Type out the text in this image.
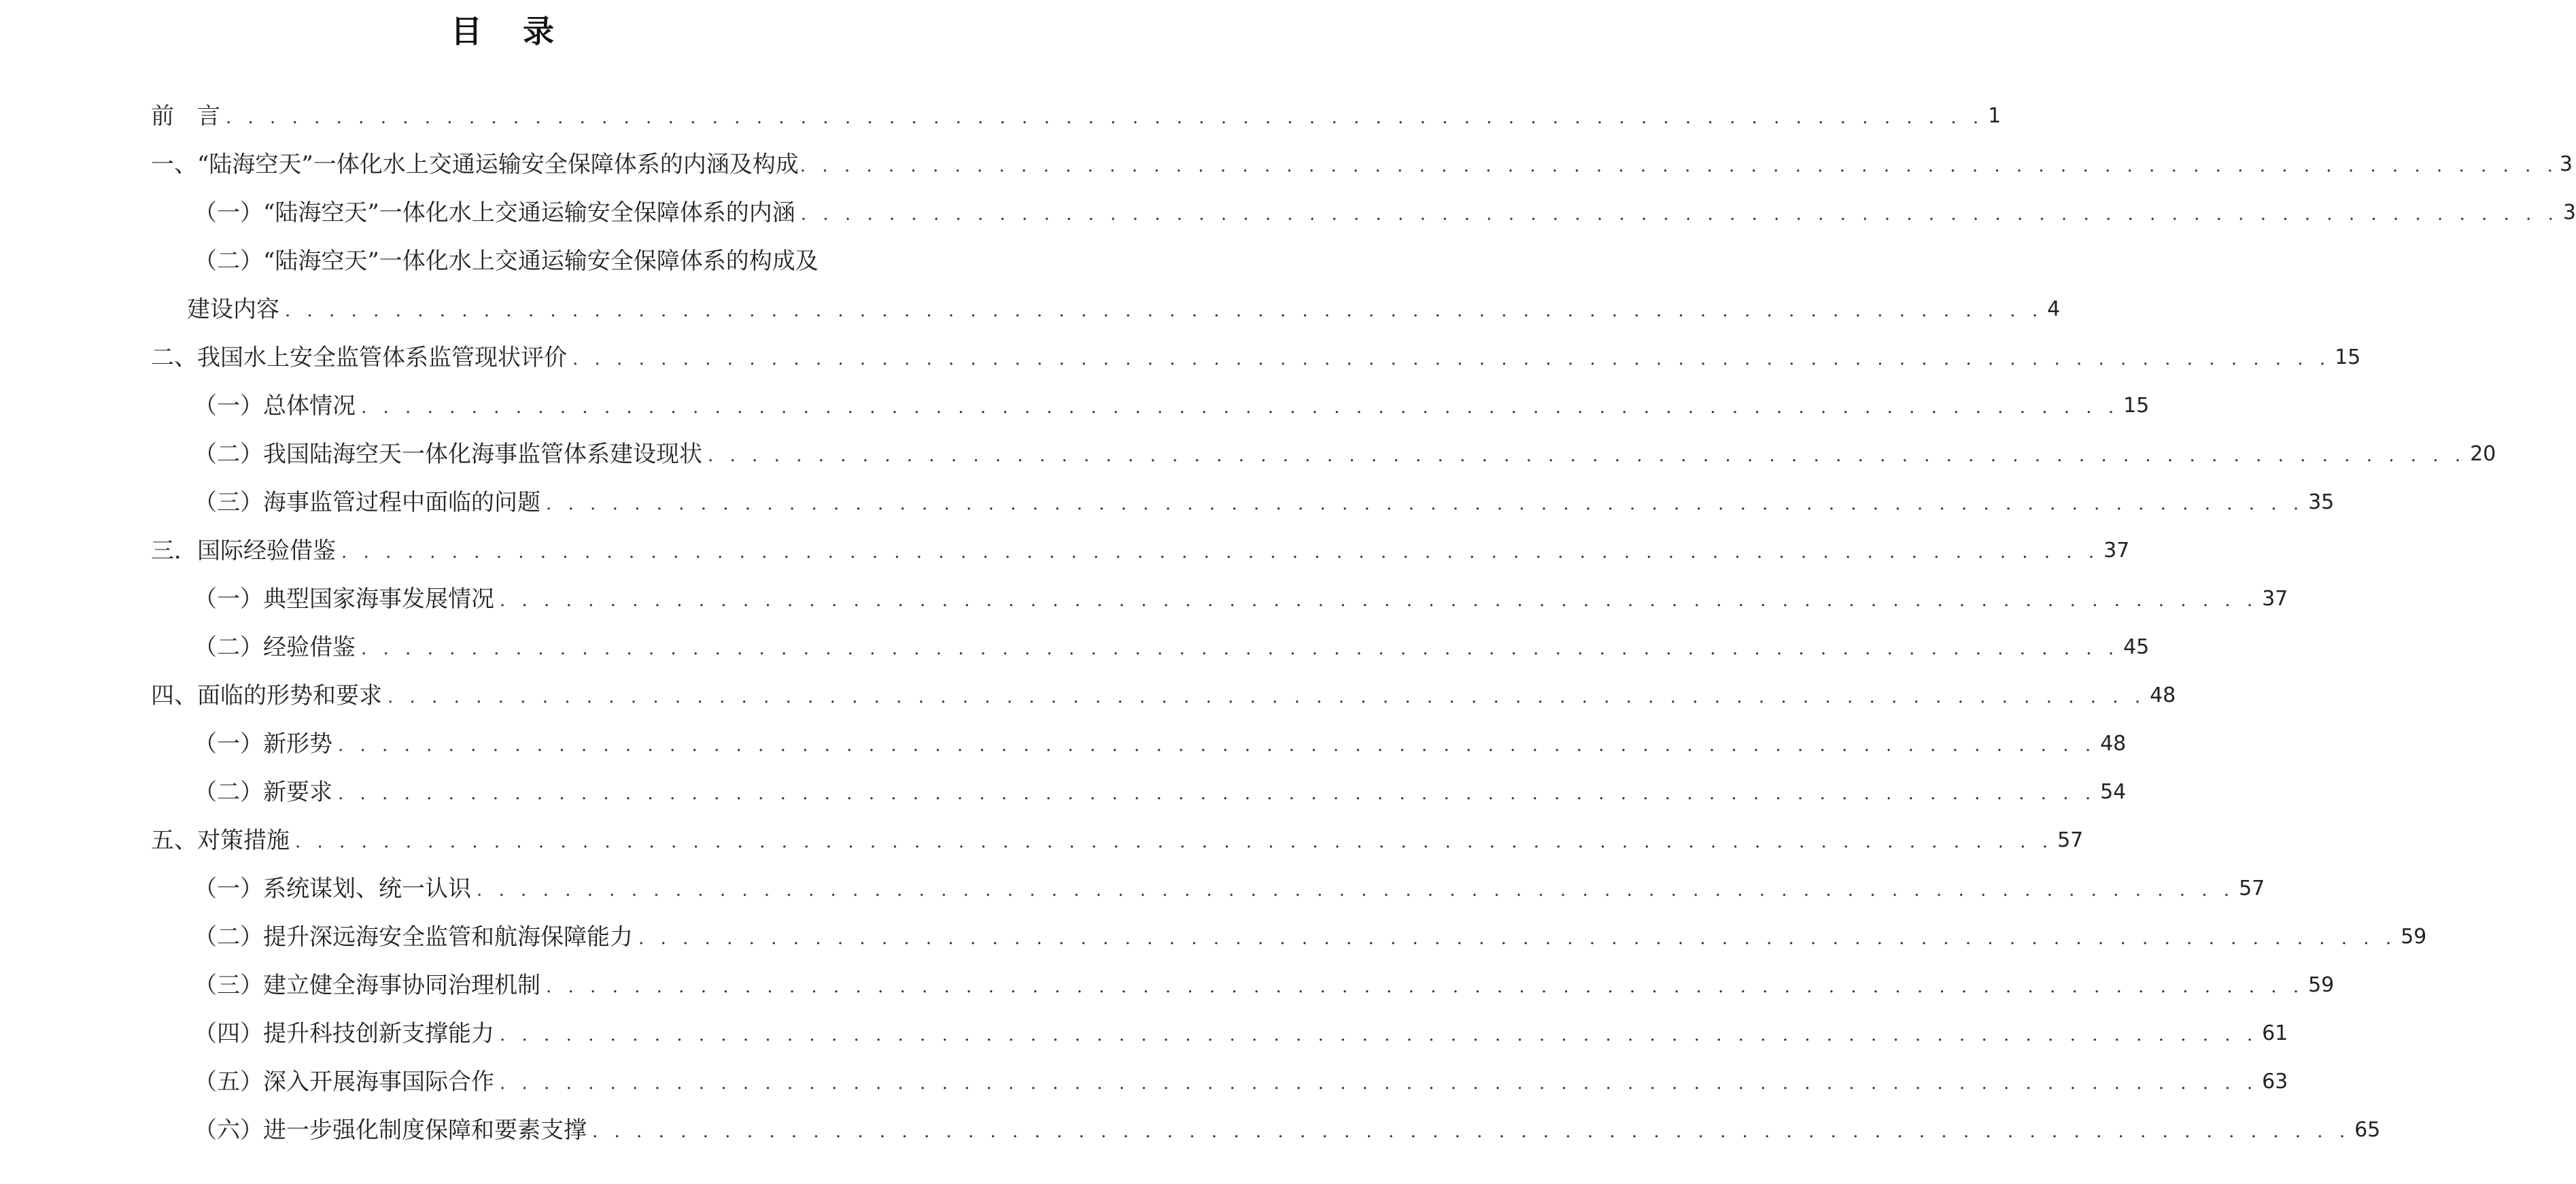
目 录
前　言 . . . . . . . . . . . . . . . . . . . . . . . . . . . . . . . . . . . . . . . . . . . . . . . . . . . . . . . . . . . . . . . . . . . . . . . . . . . . . . . . 1
一、“陆海空天”一体化水上交通运输安全保障体系的内涵及构成 . . . . . . . . . . . . . . . . . . . . . . . . . . . . . . . . . . . . . . . . . . . . . . . . . . . . . . . . . . . . . . . . . . . . . . . . . . . . . . . . 3
（一）“陆海空天”一体化水上交通运输安全保障体系的内涵 . . . . . . . . . . . . . . . . . . . . . . . . . . . . . . . . . . . . . . . . . . . . . . . . . . . . . . . . . . . . . . . . . . . . . . . . . . . . . . . . 3
（二）“陆海空天”一体化水上交通运输安全保障体系的构成及
建设内容 . . . . . . . . . . . . . . . . . . . . . . . . . . . . . . . . . . . . . . . . . . . . . . . . . . . . . . . . . . . . . . . . . . . . . . . . . . . . . . . . 4
二、我国水上安全监管体系监管现状评价 . . . . . . . . . . . . . . . . . . . . . . . . . . . . . . . . . . . . . . . . . . . . . . . . . . . . . . . . . . . . . . . . . . . . . . . . . . . . . . . . 15
（一）总体情况 . . . . . . . . . . . . . . . . . . . . . . . . . . . . . . . . . . . . . . . . . . . . . . . . . . . . . . . . . . . . . . . . . . . . . . . . . . . . . . . . 15
（二）我国陆海空天一体化海事监管体系建设现状 . . . . . . . . . . . . . . . . . . . . . . . . . . . . . . . . . . . . . . . . . . . . . . . . . . . . . . . . . . . . . . . . . . . . . . . . . . . . . . . . 20
（三）海事监管过程中面临的问题 . . . . . . . . . . . . . . . . . . . . . . . . . . . . . . . . . . . . . . . . . . . . . . . . . . . . . . . . . . . . . . . . . . . . . . . . . . . . . . . . 35
三．国际经验借鉴 . . . . . . . . . . . . . . . . . . . . . . . . . . . . . . . . . . . . . . . . . . . . . . . . . . . . . . . . . . . . . . . . . . . . . . . . . . . . . . . . 37
（一）典型国家海事发展情况 . . . . . . . . . . . . . . . . . . . . . . . . . . . . . . . . . . . . . . . . . . . . . . . . . . . . . . . . . . . . . . . . . . . . . . . . . . . . . . . . 37
（二）经验借鉴 . . . . . . . . . . . . . . . . . . . . . . . . . . . . . . . . . . . . . . . . . . . . . . . . . . . . . . . . . . . . . . . . . . . . . . . . . . . . . . . . 45
四、面临的形势和要求 . . . . . . . . . . . . . . . . . . . . . . . . . . . . . . . . . . . . . . . . . . . . . . . . . . . . . . . . . . . . . . . . . . . . . . . . . . . . . . . . 48
（一）新形势 . . . . . . . . . . . . . . . . . . . . . . . . . . . . . . . . . . . . . . . . . . . . . . . . . . . . . . . . . . . . . . . . . . . . . . . . . . . . . . . . 48
（二）新要求 . . . . . . . . . . . . . . . . . . . . . . . . . . . . . . . . . . . . . . . . . . . . . . . . . . . . . . . . . . . . . . . . . . . . . . . . . . . . . . . . 54
五、对策措施 . . . . . . . . . . . . . . . . . . . . . . . . . . . . . . . . . . . . . . . . . . . . . . . . . . . . . . . . . . . . . . . . . . . . . . . . . . . . . . . . 57
（一）系统谋划、统一认识 . . . . . . . . . . . . . . . . . . . . . . . . . . . . . . . . . . . . . . . . . . . . . . . . . . . . . . . . . . . . . . . . . . . . . . . . . . . . . . . . 57
（二）提升深远海安全监管和航海保障能力 . . . . . . . . . . . . . . . . . . . . . . . . . . . . . . . . . . . . . . . . . . . . . . . . . . . . . . . . . . . . . . . . . . . . . . . . . . . . . . . . 59
（三）建立健全海事协同治理机制 . . . . . . . . . . . . . . . . . . . . . . . . . . . . . . . . . . . . . . . . . . . . . . . . . . . . . . . . . . . . . . . . . . . . . . . . . . . . . . . . 59
（四）提升科技创新支撑能力 . . . . . . . . . . . . . . . . . . . . . . . . . . . . . . . . . . . . . . . . . . . . . . . . . . . . . . . . . . . . . . . . . . . . . . . . . . . . . . . . 61
（五）深入开展海事国际合作 . . . . . . . . . . . . . . . . . . . . . . . . . . . . . . . . . . . . . . . . . . . . . . . . . . . . . . . . . . . . . . . . . . . . . . . . . . . . . . . . 63
（六）进一步强化制度保障和要素支撑 . . . . . . . . . . . . . . . . . . . . . . . . . . . . . . . . . . . . . . . . . . . . . . . . . . . . . . . . . . . . . . . . . . . . . . . . . . . . . . . . 65
